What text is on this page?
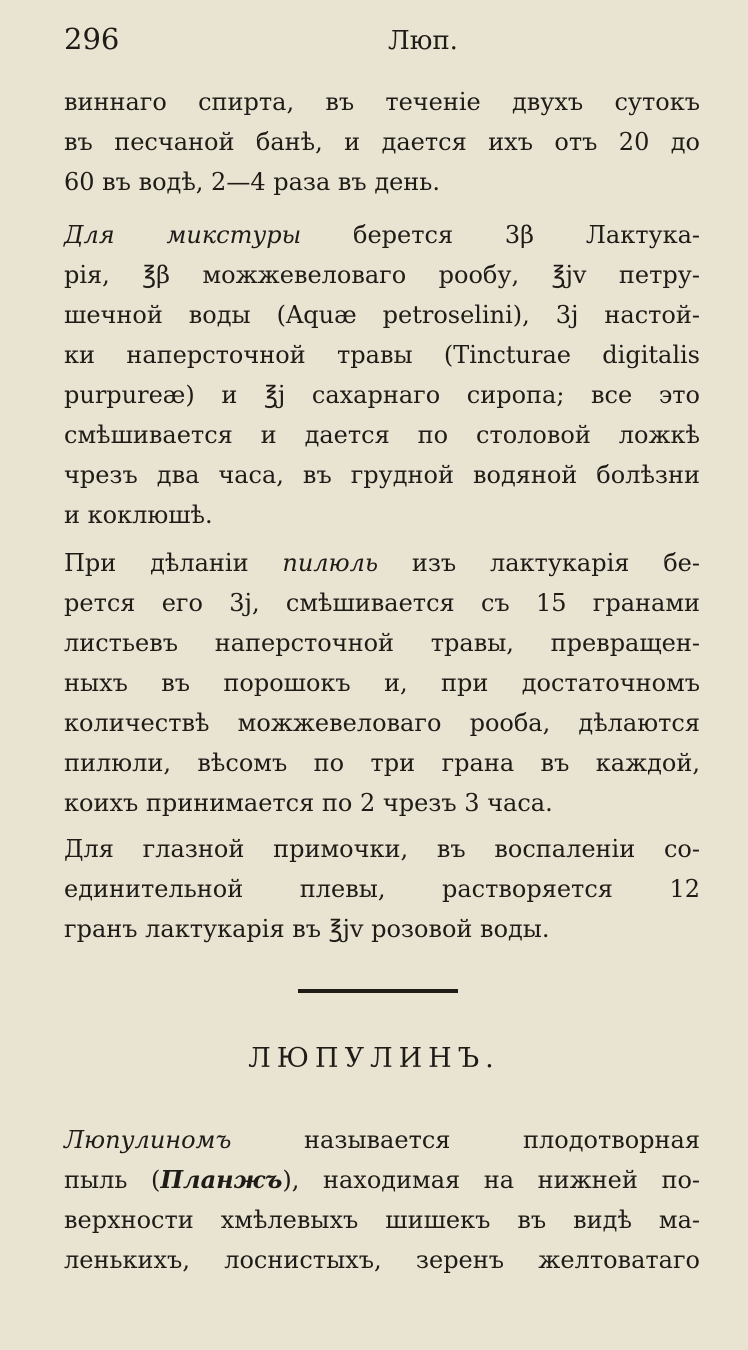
296	Люп.
виннаго спирта, въ теченіе двухъ сутокъ
въ песчаной банѣ, и дается ихъ отъ 20 до
60 въ водѣ, 2—4 раза въ день.
Для микстуры берется 3β Лактука-
рія, ℥β можжевеловаго рообу, ℥jv петру-
шечной воды (Aquæ petroselini), 3j настой-
ки наперсточной травы (Tincturae digitalis
purpureæ) и ℥j сахарнаго сиропа; все это
смѣшивается и дается по столовой ложкѣ
чрезъ два часа, въ грудной водяной болѣзни
и коклюшѣ.
При дѣланіи пилюль изъ лактукарія бе-
рется его 3j, смѣшивается съ 15 гранами
листьевъ наперсточной травы, превращен-
ныхъ въ порошокъ и, при достаточномъ
количествѣ можжевеловаго рооба, дѣлаются
пилюли, вѣсомъ по три грана въ каждой,
коихъ принимается по 2 чрезъ 3 часа.
Для глазной примочки, въ воспаленіи со-
единительной плевы, растворяется 12
гранъ лактукарія въ ℥jv розовой воды.
ЛЮПУЛИНЪ.
Люпулиномъ называется плодотворная
пыль (Планжъ), находимая на нижней по-
верхности хмѣлевыхъ шишекъ въ видѣ ма-
ленькихъ, лоснистыхъ, зеренъ желтоватаго
